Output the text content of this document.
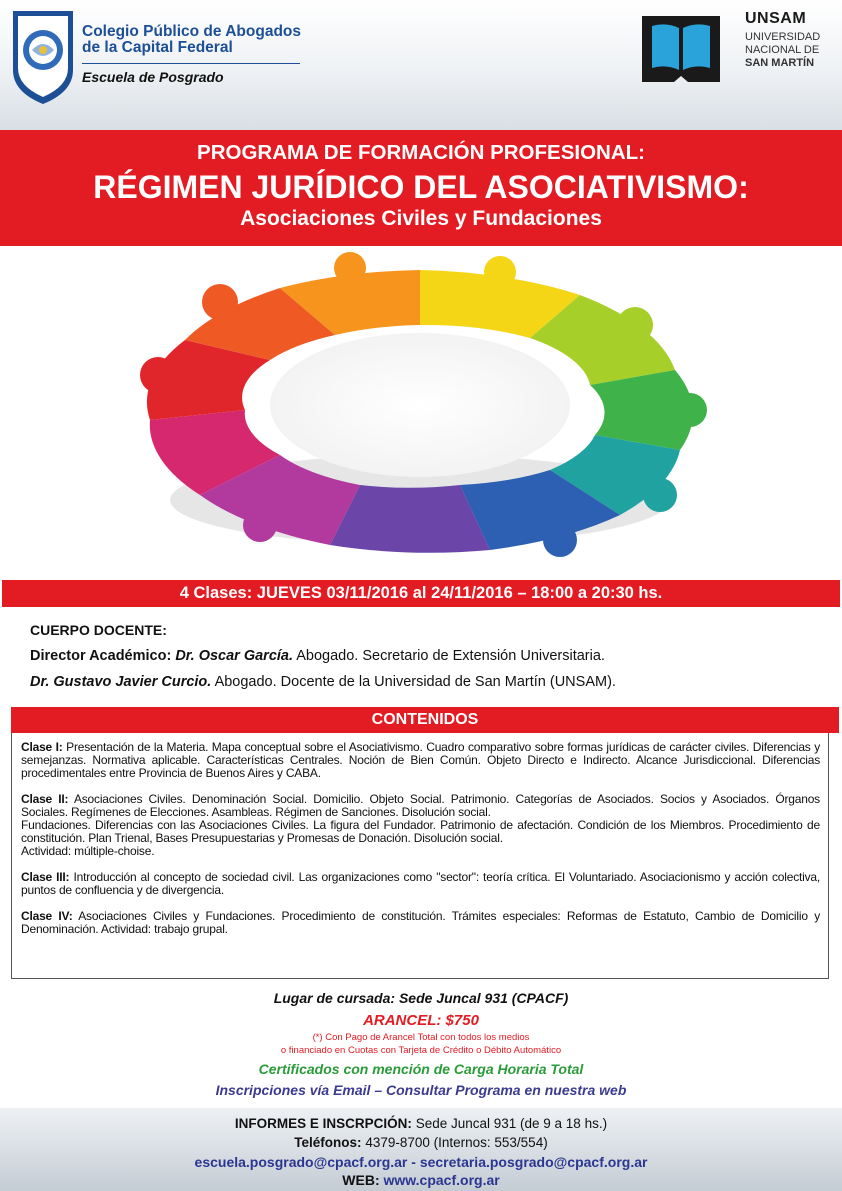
Colegio Público de Abogados
de la Capital Federal
Escuela de Posgrado
UNSAM
UNIVERSIDAD
NACIONAL DE
SAN MARTÍN
PROGRAMA DE FORMACIÓN PROFESIONAL:
RÉGIMEN JURÍDICO DEL ASOCIATIVISMO:
Asociaciones Civiles y Fundaciones
4 Clases: JUEVES 03/11/2016 al 24/11/2016 – 18:00 a 20:30 hs.
CUERPO DOCENTE:
Director Académico: Dr. Oscar García. Abogado. Secretario de Extensión Universitaria.
Dr. Gustavo Javier Curcio. Abogado. Docente de la Universidad de San Martín (UNSAM).
CONTENIDOS
Clase I: Presentación de la Materia. Mapa conceptual sobre el Asociativismo. Cuadro comparativo sobre formas jurídicas de carácter civiles. Diferencias y semejanzas. Normativa aplicable. Características Centrales. Noción de Bien Común. Objeto Directo e Indirecto. Alcance Jurisdiccional. Diferencias procedimentales entre Provincia de Buenos Aires y CABA.
Clase II: Asociaciones Civiles. Denominación Social. Domicilio. Objeto Social. Patrimonio. Categorías de Asociados. Socios y Asociados. Órganos Sociales. Regímenes de Elecciones. Asambleas. Régimen de Sanciones. Disolución social.
Fundaciones. Diferencias con las Asociaciones Civiles. La figura del Fundador. Patrimonio de afectación. Condición de los Miembros. Procedimiento de constitución. Plan Trienal, Bases Presupuestarias y Promesas de Donación. Disolución social.
Actividad: múltiple-choise.
Clase III: Introducción al concepto de sociedad civil. Las organizaciones como "sector": teoría crítica. El Voluntariado. Asociacionismo y acción colectiva, puntos de confluencia y de divergencia.
Clase IV: Asociaciones Civiles y Fundaciones. Procedimiento de constitución. Trámites especiales: Reformas de Estatuto, Cambio de Domicilio y Denominación. Actividad: trabajo grupal.
Lugar de cursada: Sede Juncal 931 (CPACF)
ARANCEL: $750
(*) Con Pago de Arancel Total con todos los medios
o financiado en Cuotas con Tarjeta de Crédito o Débito Automático
Certificados con mención de Carga Horaria Total
Inscripciones vía Email – Consultar Programa en nuestra web
INFORMES E INSCRPCIÓN: Sede Juncal 931 (de 9 a 18 hs.)
Teléfonos: 4379-8700 (Internos: 553/554)
escuela.posgrado@cpacf.org.ar - secretaria.posgrado@cpacf.org.ar
WEB: www.cpacf.org.ar
